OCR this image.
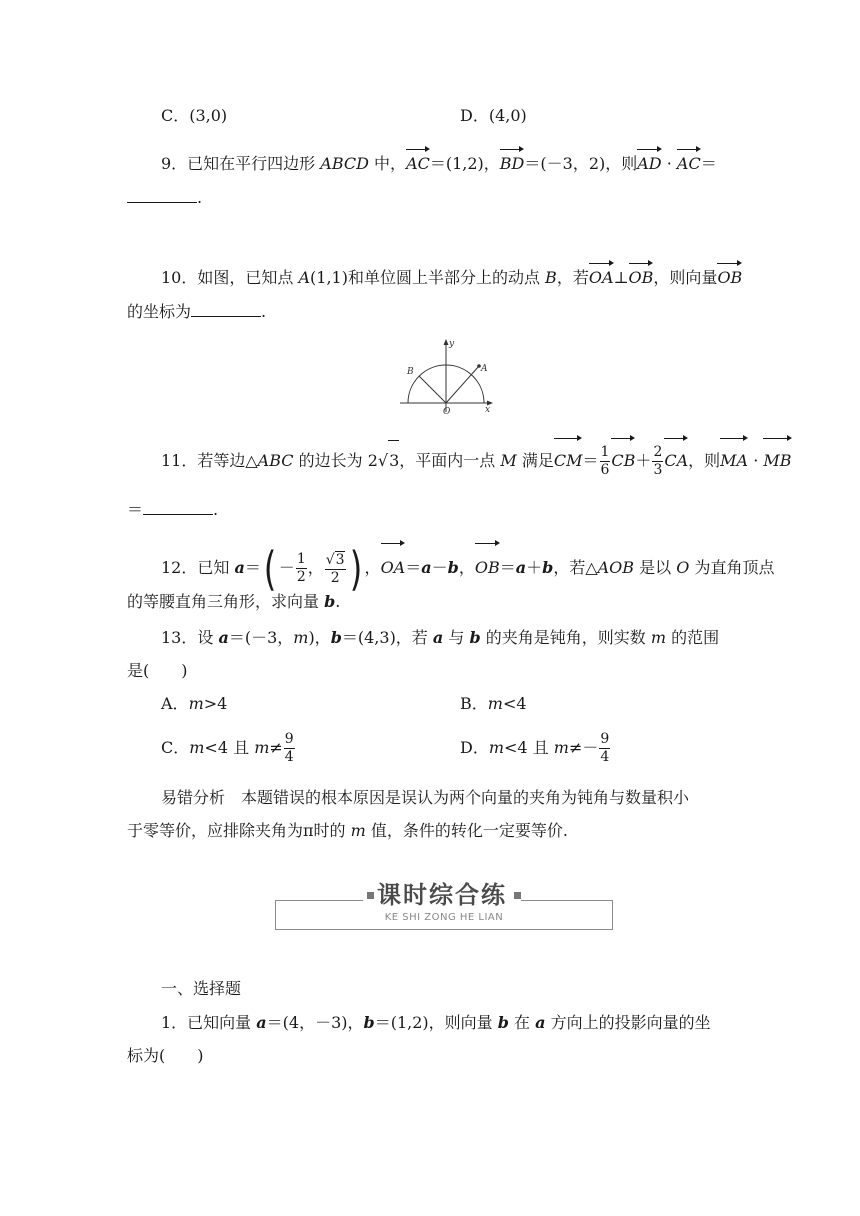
C．(3,0)	D．(4,0)
9．已知在平行四边形 ABCD 中，AC＝(1,2)，BD＝(－3，2)，则AD · AC＝
.
10．如图，已知点 A(1,1)和单位圆上半部分上的动点 B，若OA⊥OB，则向量OB
的坐标为	.
y
x
O
A
B
11．若等边△ABC 的边长为 2√3，平面内一点 M 满足$CM= \frac{1}{6} CB+ \frac{2}{3}$ CA，则MA · MB
＝	.
12．已知 $a=( - \frac{1}{2}$ ， $\frac{√3}{2}$ ) ，OA＝a－b，OB＝a＋b，若△AOB 是以 O 为直角顶点
的等腰直角三角形，求向量 b.
13．设 a＝(－3，m)，b＝(4,3)，若 a 与 b 的夹角是钝角，则实数 m 的范围
是(　　)
A．m>4	B．m<4
C．m<4 且 $m\ne \frac{9}{4}$	D．m<4 且 $m\ne- \frac{9}{4}$
易错分析　本题错误的根本原因是误认为两个向量的夹角为钝角与数量积小
于零等价，应排除夹角为π时的 m 值，条件的转化一定要等价.
课时综合练
KE SHI ZONG HE LIAN
一、选择题
1．已知向量 a＝(4，－3)，b＝(1,2)，则向量 b 在 a 方向上的投影向量的坐
标为(　　)
